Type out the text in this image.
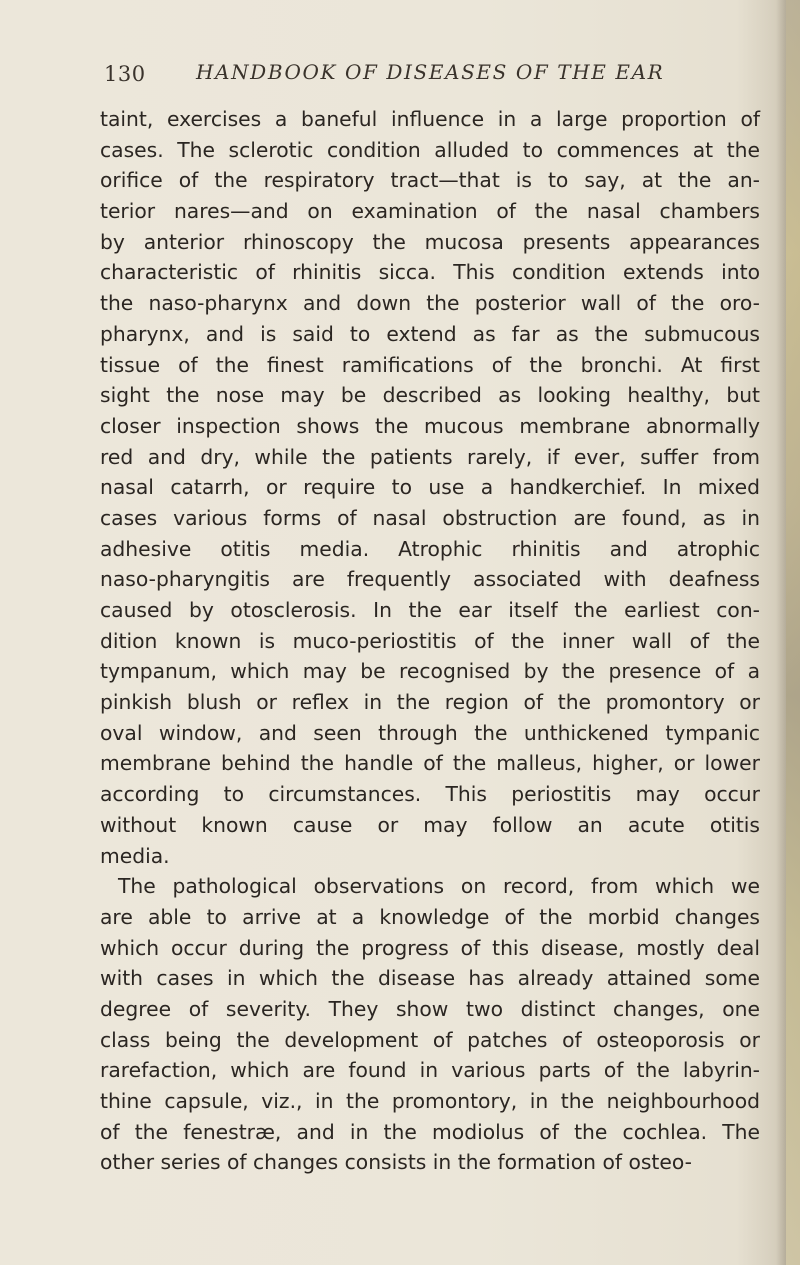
130	HANDBOOK OF DISEASES OF THE EAR
taint, exercises a baneful influence in a large proportion of
cases. The sclerotic condition alluded to commences at the
orifice of the respiratory tract—that is to say, at the an-
terior nares—and on examination of the nasal chambers
by anterior rhinoscopy the mucosa presents appearances
characteristic of rhinitis sicca. This condition extends into
the naso-pharynx and down the posterior wall of the oro-
pharynx, and is said to extend as far as the submucous
tissue of the finest ramifications of the bronchi. At first
sight the nose may be described as looking healthy, but
closer inspection shows the mucous membrane abnormally
red and dry, while the patients rarely, if ever, suffer from
nasal catarrh, or require to use a handkerchief. In mixed
cases various forms of nasal obstruction are found, as in
adhesive otitis media. Atrophic rhinitis and atrophic
naso-pharyngitis are frequently associated with deafness
caused by otosclerosis. In the ear itself the earliest con-
dition known is muco-periostitis of the inner wall of the
tympanum, which may be recognised by the presence of a
pinkish blush or reflex in the region of the promontory or
oval window, and seen through the unthickened tympanic
membrane behind the handle of the malleus, higher, or lower
according to circumstances. This periostitis may occur
without known cause or may follow an acute otitis
media.
The pathological observations on record, from which we
are able to arrive at a knowledge of the morbid changes
which occur during the progress of this disease, mostly deal
with cases in which the disease has already attained some
degree of severity. They show two distinct changes, one
class being the development of patches of osteoporosis or
rarefaction, which are found in various parts of the labyrin-
thine capsule, viz., in the promontory, in the neighbourhood
of the fenestræ, and in the modiolus of the cochlea. The
other series of changes consists in the formation of osteo-
